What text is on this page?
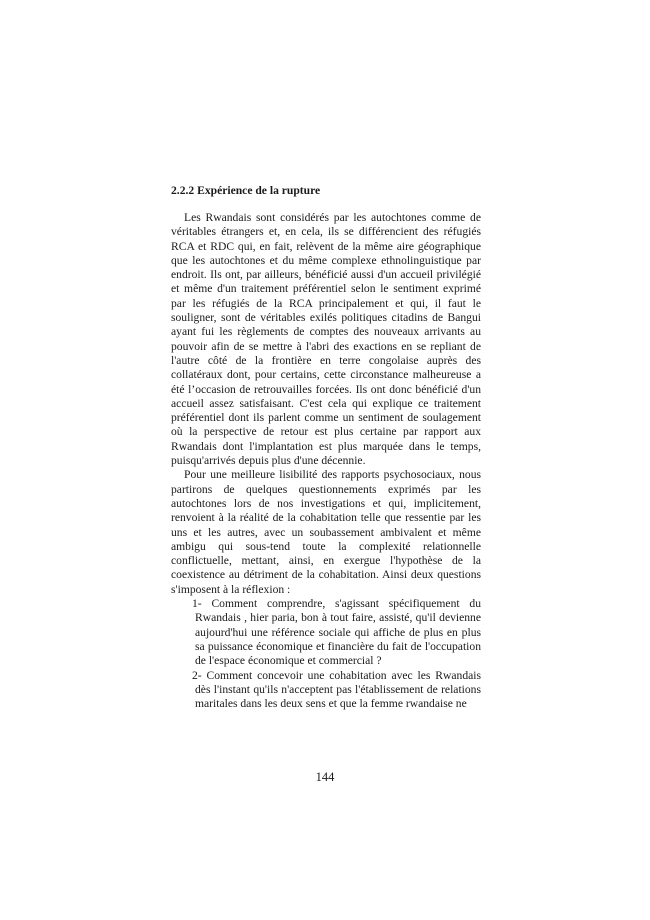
2.2.2 Expérience de la rupture

Les Rwandais sont considérés par les autochtones comme de véritables étrangers et, en cela, ils se différencient des réfugiés RCA et RDC qui, en fait, relèvent de la même aire géographique que les autochtones et du même complexe ethnolinguistique par endroit. Ils ont, par ailleurs, bénéficié aussi d'un accueil privilégié et même d'un traitement préférentiel selon le sentiment exprimé par les réfugiés de la RCA principalement et qui, il faut le souligner, sont de véritables exilés politiques citadins de Bangui ayant fui les règlements de comptes des nouveaux arrivants au pouvoir afin de se mettre à l'abri des exactions en se repliant de l'autre côté de la frontière en terre congolaise auprès des collatéraux dont, pour certains, cette circonstance malheureuse a été l’occasion de retrouvailles forcées. Ils ont donc bénéficié d'un accueil assez satisfaisant. C'est cela qui explique ce traitement préférentiel dont ils parlent comme un sentiment de soulagement où la perspective de retour est plus certaine par rapport aux Rwandais dont l'implantation est plus marquée dans le temps, puisqu'arrivés depuis plus d'une décennie.

Pour une meilleure lisibilité des rapports psychosociaux, nous partirons de quelques questionnements exprimés par les autochtones lors de nos investigations et qui, implicitement, renvoient à la réalité de la cohabitation telle que ressentie par les uns et les autres, avec un soubassement ambivalent et même ambigu qui sous-tend toute la complexité relationnelle conflictuelle, mettant, ainsi, en exergue l'hypothèse de la coexistence au détriment de la cohabitation. Ainsi deux questions s'imposent à la réflexion :

1- Comment comprendre, s'agissant spécifiquement du Rwandais , hier paria, bon à tout faire, assisté, qu'il devienne aujourd'hui une référence sociale qui affiche de plus en plus sa puissance économique et financière du fait de l'occupation de l'espace économique et commercial ?
2- Comment concevoir une cohabitation avec les Rwandais dès l'instant qu'ils n'acceptent pas l'établissement de relations maritales dans les deux sens et que la femme rwandaise ne

144
